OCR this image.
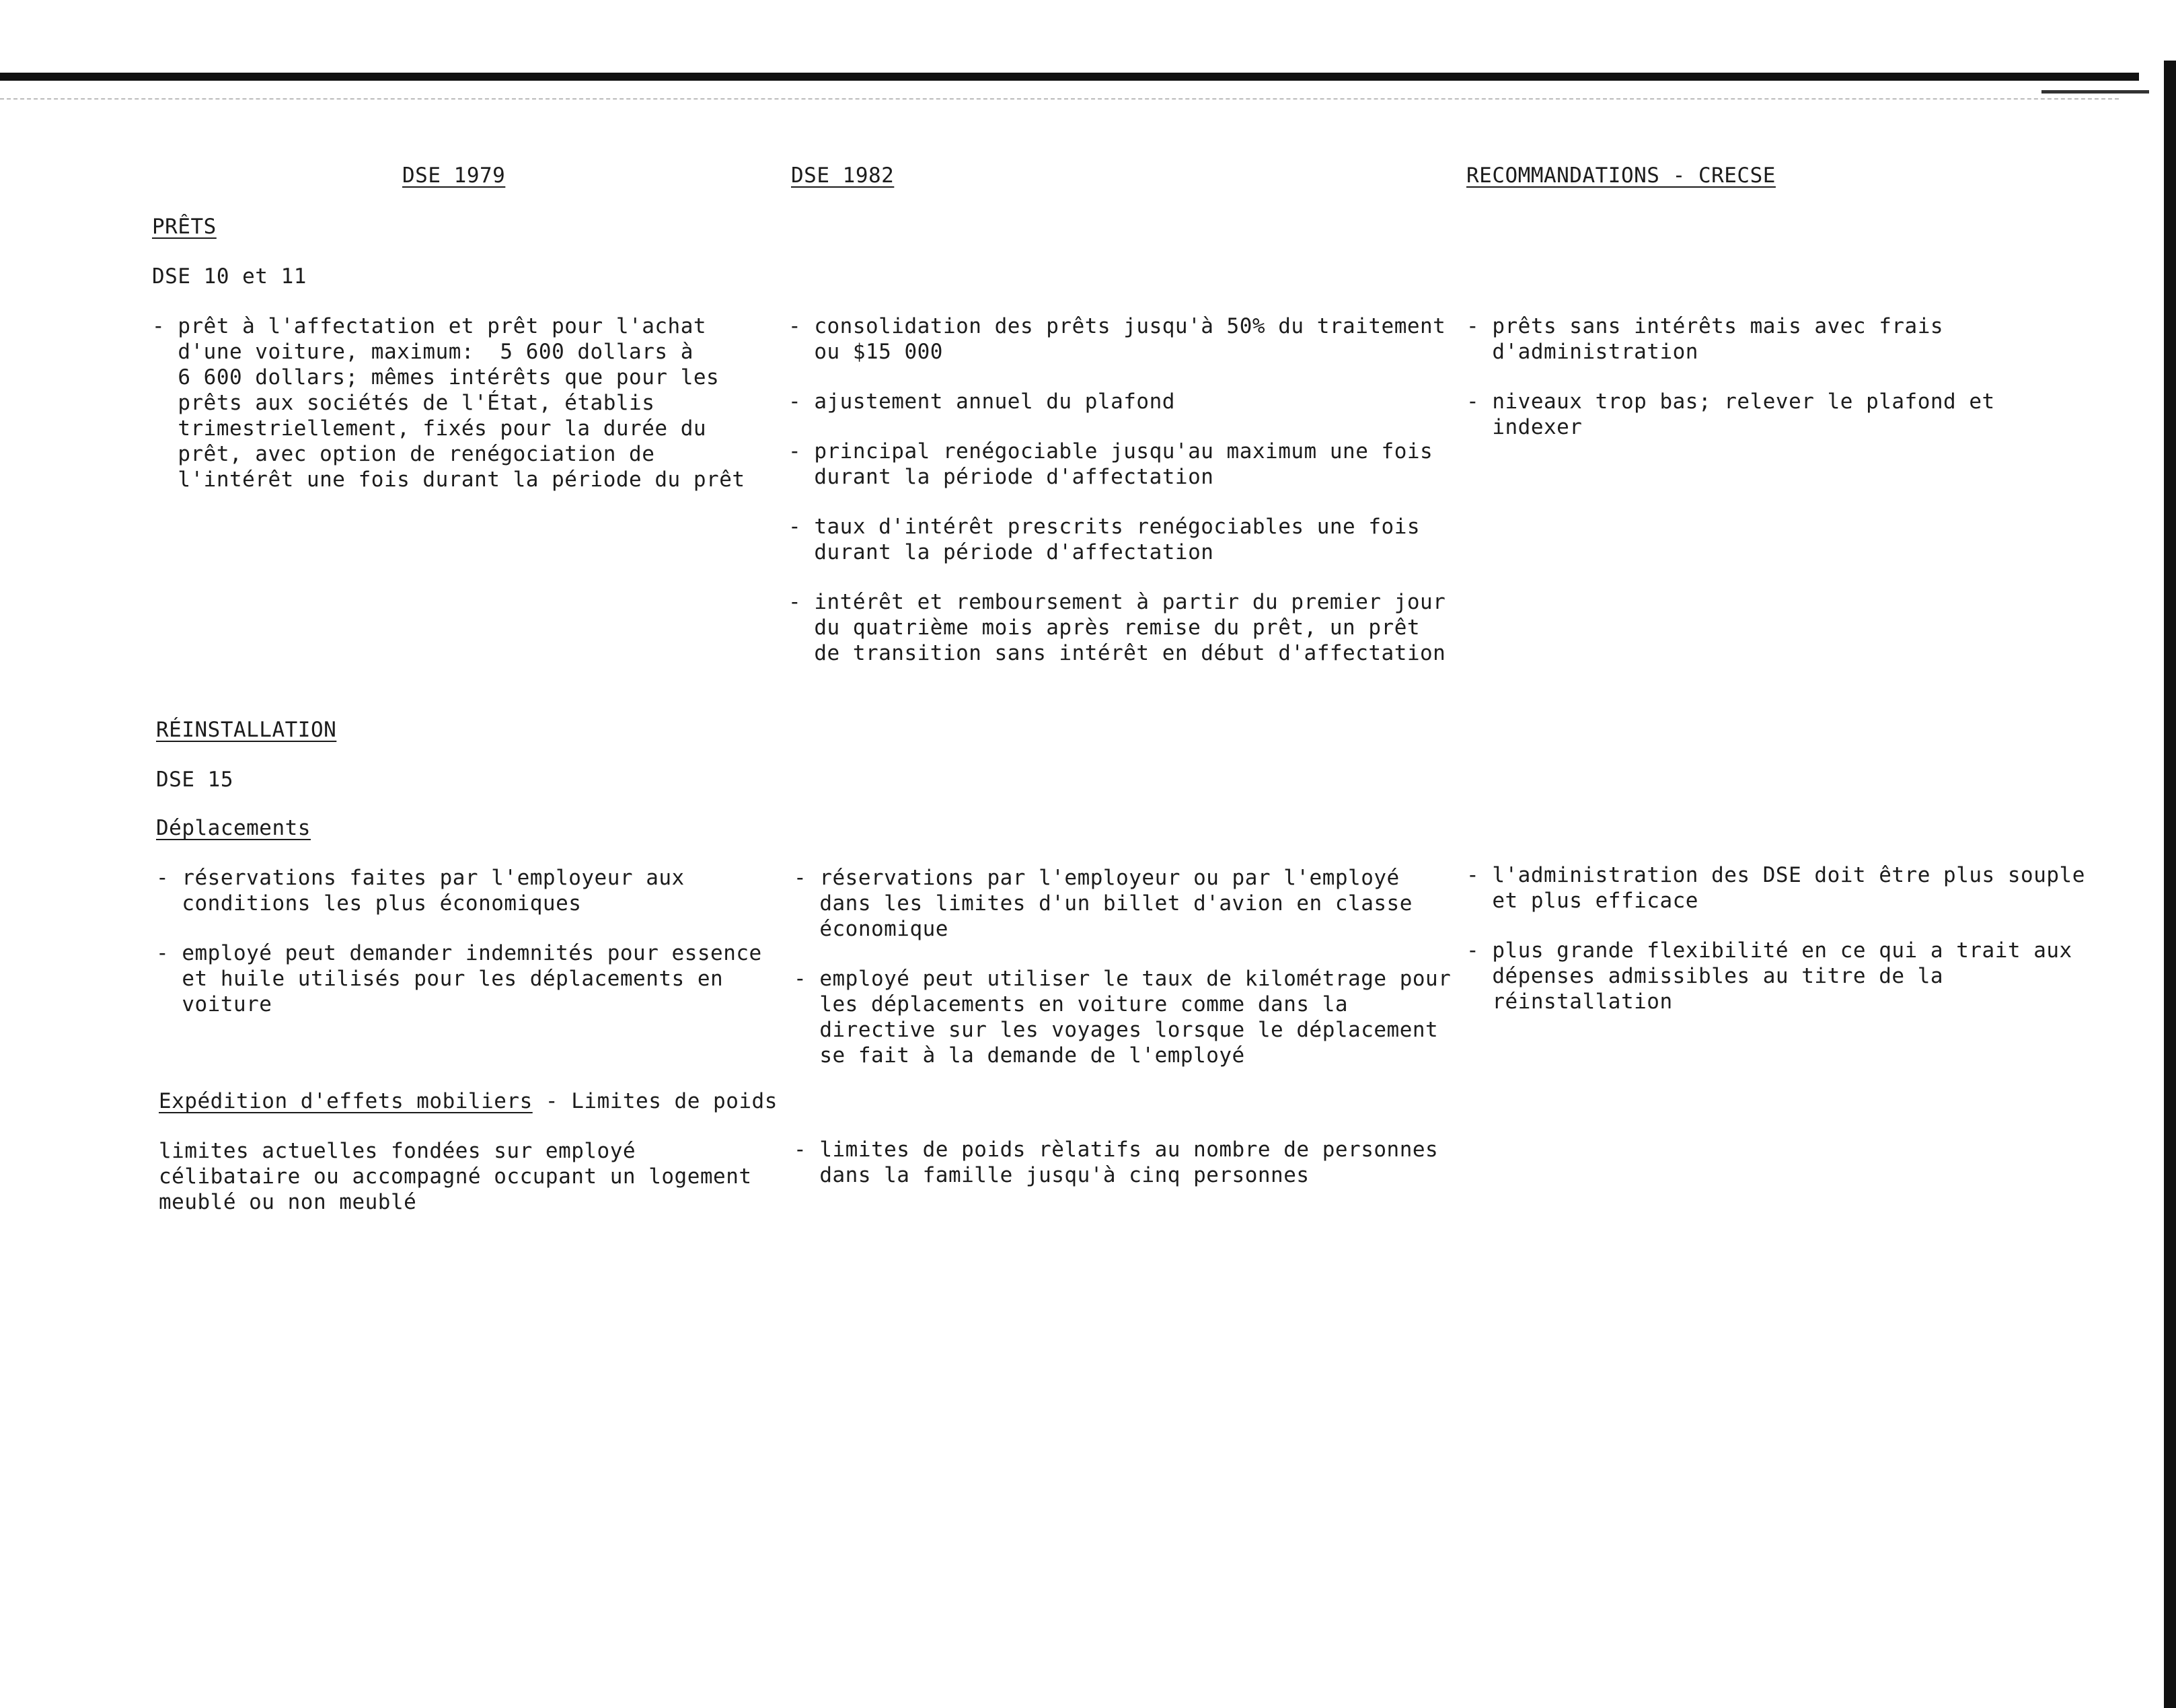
DSE 1979	DSE 1982	RECOMMANDATIONS - CRECSE
PRÊTS
DSE 10 et 11
- prêt à l'affectation et prêt pour l'achat
d'une voiture, maximum:  5 600 dollars à
6 600 dollars; mêmes intérêts que pour les
prêts aux sociétés de l'État, établis
trimestriellement, fixés pour la durée du
prêt, avec option de renégociation de
l'intérêt une fois durant la période du prêt
- consolidation des prêts jusqu'à 50% du traitement
ou $15 000
- ajustement annuel du plafond
- principal renégociable jusqu'au maximum une fois
durant la période d'affectation
- taux d'intérêt prescrits renégociables une fois
durant la période d'affectation
- intérêt et remboursement à partir du premier jour
du quatrième mois après remise du prêt, un prêt
de transition sans intérêt en début d'affectation
- prêts sans intérêts mais avec frais
d'administration
- niveaux trop bas; relever le plafond et
indexer
RÉINSTALLATION
DSE 15
Déplacements
- réservations faites par l'employeur aux
conditions les plus économiques
- employé peut demander indemnités pour essence
et huile utilisés pour les déplacements en
voiture
- réservations par l'employeur ou par l'employé
dans les limites d'un billet d'avion en classe
économique
- employé peut utiliser le taux de kilométrage pour
les déplacements en voiture comme dans la
directive sur les voyages lorsque le déplacement
se fait à la demande de l'employé
- l'administration des DSE doit être plus souple
et plus efficace
- plus grande flexibilité en ce qui a trait aux
dépenses admissibles au titre de la
réinstallation
Expédition d'effets mobiliers - Limites de poids
limites actuelles fondées sur employé
célibataire ou accompagné occupant un logement
meublé ou non meublé
- limites de poids rèlatifs au nombre de personnes
dans la famille jusqu'à cinq personnes
